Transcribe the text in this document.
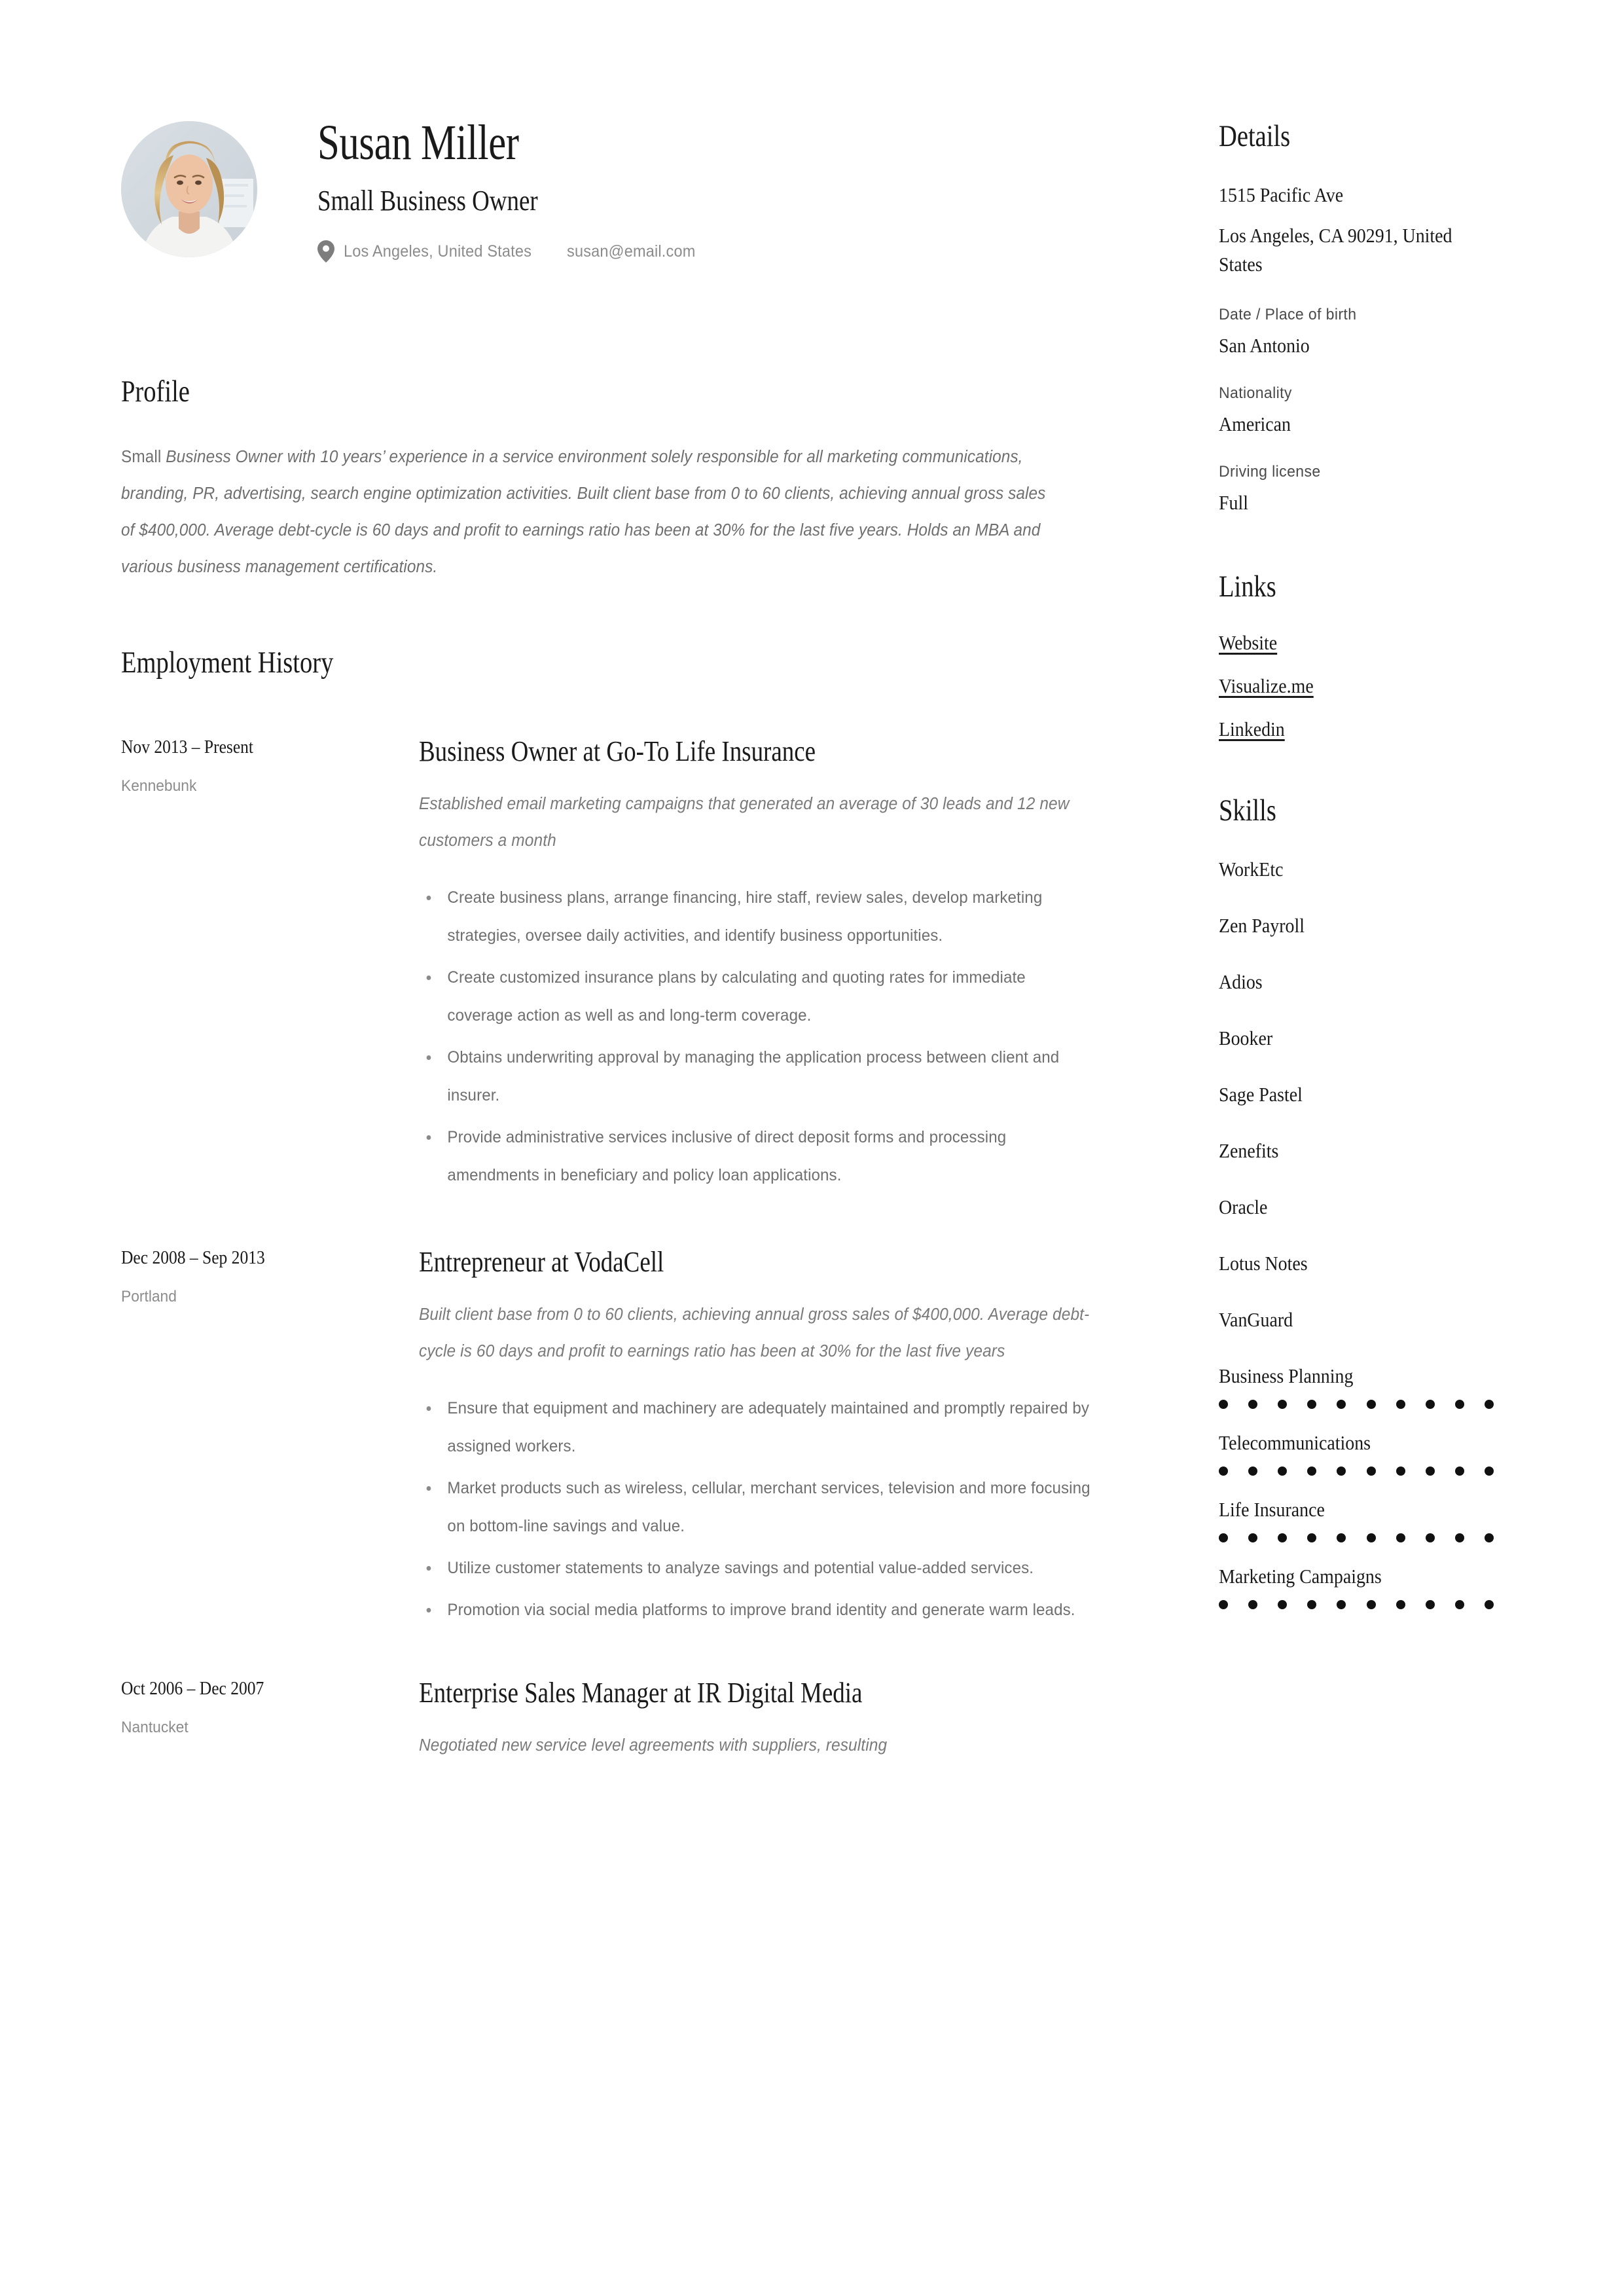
Susan Miller
Small Business Owner
Los Angeles, United States susan@email.com
Profile
Small Business Owner with 10 years’ experience in a service environment solely responsible for all marketing communications, branding, PR, advertising, search engine optimization activities. Built client base from 0 to 60 clients, achieving annual gross sales of $400,000. Average debt-cycle is 60 days and profit to earnings ratio has been at 30% for the last five years. Holds an MBA and various business management certifications.
Employment History
Nov 2013 – Present
Kennebunk
Business Owner at Go-To Life Insurance
Established email marketing campaigns that generated an average of 30 leads and 12 new customers a month
Create business plans, arrange financing, hire staff, review sales, develop marketing strategies, oversee daily activities, and identify business opportunities.
Create customized insurance plans by calculating and quoting rates for immediate coverage action as well as and long-term coverage.
Obtains underwriting approval by managing the application process between client and insurer.
Provide administrative services inclusive of direct deposit forms and processing amendments in beneficiary and policy loan applications.
Dec 2008 – Sep 2013
Portland
Entrepreneur at VodaCell
Built client base from 0 to 60 clients, achieving annual gross sales of $400,000. Average debt-cycle is 60 days and profit to earnings ratio has been at 30% for the last five years
Ensure that equipment and machinery are adequately maintained and promptly repaired by assigned workers.
Market products such as wireless, cellular, merchant services, television and more focusing on bottom-line savings and value.
Utilize customer statements to analyze savings and potential value-added services.
Promotion via social media platforms to improve brand identity and generate warm leads.
Oct 2006 – Dec 2007
Nantucket
Enterprise Sales Manager at IR Digital Media
Negotiated new service level agreements with suppliers, resulting
Details
1515 Pacific Ave
Los Angeles, CA 90291, United States
Date / Place of birth
San Antonio
Nationality
American
Driving license
Full
Links
Website
Visualize.me
Linkedin
Skills
WorkEtc
Zen Payroll
Adios
Booker
Sage Pastel
Zenefits
Oracle
Lotus Notes
VanGuard
Business Planning
Telecommunications
Life Insurance
Marketing Campaigns
